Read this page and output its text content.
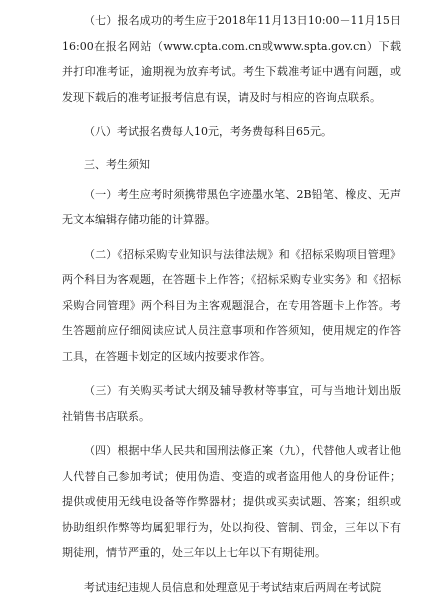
（七）报名成功的考生应于2018年11月13日10:00－11月15日16:00在报名网站（www.cpta.com.cn或www.spta.gov.cn）下载并打印准考证，逾期视为放弃考试。考生下载准考证中遇有问题，或发现下载后的准考证报考信息有误，请及时与相应的咨询点联系。

（八）考试报名费每人10元，考务费每科目65元。

三、考生须知

（一）考生应考时须携带黑色字迹墨水笔、2B铅笔、橡皮、无声无文本编辑存储功能的计算器。

（二）《招标采购专业知识与法律法规》和《招标采购项目管理》两个科目为客观题，在答题卡上作答；《招标采购专业实务》和《招标采购合同管理》两个科目为主客观题混合，在专用答题卡上作答。考生答题前应仔细阅读应试人员注意事项和作答须知，使用规定的作答工具，在答题卡划定的区域内按要求作答。

（三）有关购买考试大纲及辅导教材等事宜，可与当地计划出版社销售书店联系。

（四）根据中华人民共和国刑法修正案（九），代替他人或者让他人代替自己参加考试；使用伪造、变造的或者盗用他人的身份证件；提供或使用无线电设备等作弊器材；提供或买卖试题、答案；组织或协助组织作弊等均属犯罪行为，处以拘役、管制、罚金，三年以下有期徒刑，情节严重的，处三年以上七年以下有期徒刑。

考试违纪违规人员信息和处理意见于考试结束后两周在考试院
